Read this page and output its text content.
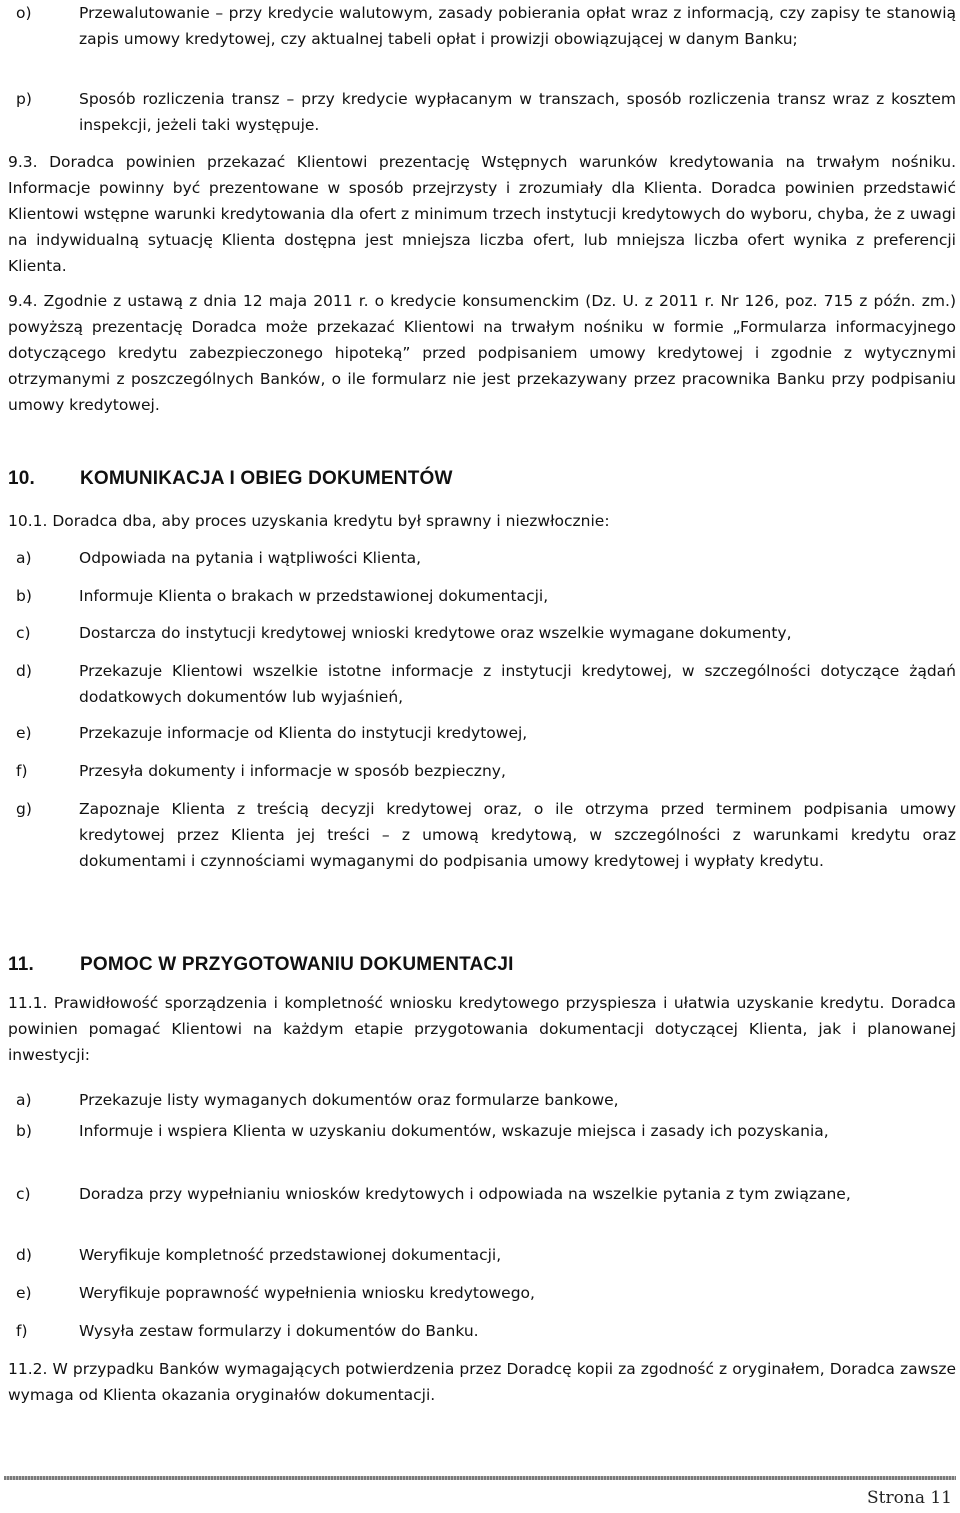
o)	Przewalutowanie – przy kredycie walutowym, zasady pobierania opłat wraz z informacją, czy zapisy te stanowią zapis umowy kredytowej, czy aktualnej tabeli opłat i prowizji obowiązującej w danym Banku;
p)	Sposób rozliczenia transz – przy kredycie wypłacanym w transzach, sposób rozliczenia transz wraz z kosztem inspekcji, jeżeli taki występuje.
9.3. Doradca powinien przekazać Klientowi prezentację Wstępnych warunków kredytowania na trwałym nośniku. Informacje powinny być prezentowane w sposób przejrzysty i zrozumiały dla Klienta. Doradca powinien przedstawić Klientowi wstępne warunki kredytowania dla ofert z minimum trzech instytucji kredytowych do wyboru, chyba, że z uwagi na indywidualną sytuację Klienta dostępna jest mniejsza liczba ofert, lub mniejsza liczba ofert wynika z preferencji Klienta.
9.4. Zgodnie z ustawą z dnia 12 maja 2011 r. o kredycie konsumenckim (Dz. U. z 2011 r. Nr 126, poz. 715 z późn. zm.) powyższą prezentację Doradca może przekazać Klientowi na trwałym nośniku w formie „Formularza informacyjnego dotyczącego kredytu zabezpieczonego hipoteką” przed podpisaniem umowy kredytowej i zgodnie z wytycznymi otrzymanymi z poszczególnych Banków, o ile formularz nie jest przekazywany przez pracownika Banku przy podpisaniu umowy kredytowej.
10. KOMUNIKACJA I OBIEG DOKUMENTÓW
10.1. Doradca dba, aby proces uzyskania kredytu był sprawny i niezwłocznie:
a)	Odpowiada na pytania i wątpliwości Klienta,
b)	Informuje Klienta o brakach w przedstawionej dokumentacji,
c)	Dostarcza do instytucji kredytowej wnioski kredytowe oraz wszelkie wymagane dokumenty,
d)	Przekazuje Klientowi wszelkie istotne informacje z instytucji kredytowej, w szczególności dotyczące żądań dodatkowych dokumentów lub wyjaśnień,
e)	Przekazuje informacje od Klienta do instytucji kredytowej,
f)	Przesyła dokumenty i informacje w sposób bezpieczny,
g)	Zapoznaje Klienta z treścią decyzji kredytowej oraz, o ile otrzyma przed terminem podpisania umowy kredytowej przez Klienta jej treści – z umową kredytową, w szczególności z warunkami kredytu oraz dokumentami i czynnościami wymaganymi do podpisania umowy kredytowej i wypłaty kredytu.
11. POMOC W PRZYGOTOWANIU DOKUMENTACJI
11.1. Prawidłowość sporządzenia i kompletność wniosku kredytowego przyspiesza i ułatwia uzyskanie kredytu. Doradca powinien pomagać Klientowi na każdym etapie przygotowania dokumentacji dotyczącej Klienta, jak i planowanej inwestycji:
a)	Przekazuje listy wymaganych dokumentów oraz formularze bankowe,
b)	Informuje i wspiera Klienta w uzyskaniu dokumentów, wskazuje miejsca i zasady ich pozyskania,
c)	Doradza przy wypełnianiu wniosków kredytowych i odpowiada na wszelkie pytania z tym związane,
d)	Weryfikuje kompletność przedstawionej dokumentacji,
e)	Weryfikuje poprawność wypełnienia wniosku kredytowego,
f)	Wysyła zestaw formularzy i dokumentów do Banku.
11.2. W przypadku Banków wymagających potwierdzenia przez Doradcę kopii za zgodność z oryginałem, Doradca zawsze wymaga od Klienta okazania oryginałów dokumentacji.
Strona 11
